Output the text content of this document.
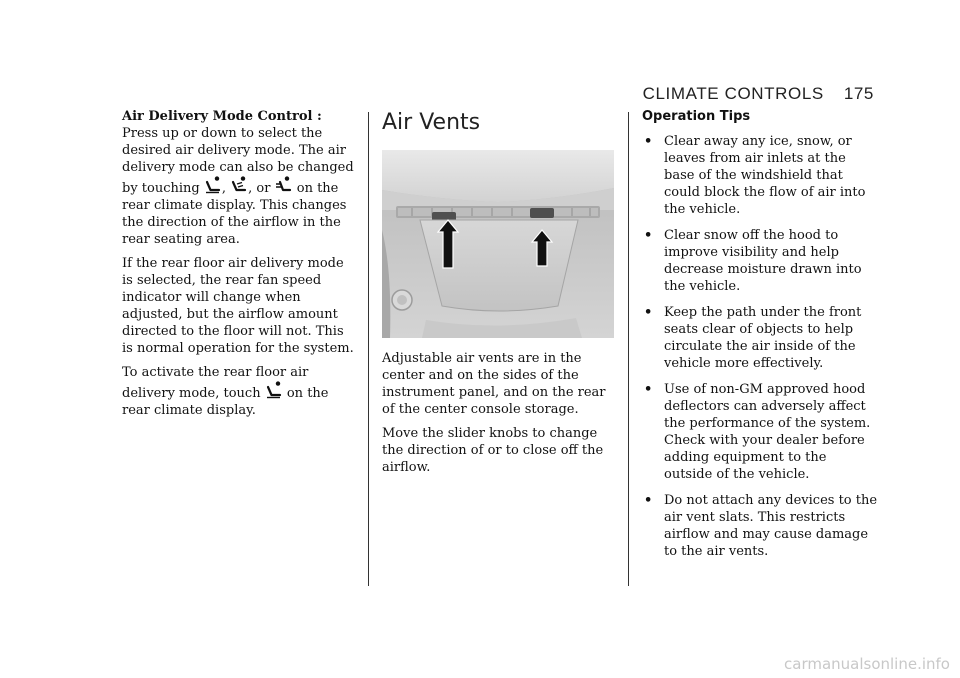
CLIMATE CONTROLS 175

Air Delivery Mode Control : Press up or down to select the desired air delivery mode. The air delivery mode can also be changed by touching , , or on the rear climate display. This changes the direction of the airflow in the rear seating area.

If the rear floor air delivery mode is selected, the rear fan speed indicator will change when adjusted, but the airflow amount directed to the floor will not. This is normal operation for the system.

To activate the rear floor air delivery mode, touch on the rear climate display.

Air Vents

Adjustable air vents are in the center and on the sides of the instrument panel, and on the rear of the center console storage.

Move the slider knobs to change the direction of or to close off the airflow.

Operation Tips
• Clear away any ice, snow, or leaves from air inlets at the base of the windshield that could block the flow of air into the vehicle.
• Clear snow off the hood to improve visibility and help decrease moisture drawn into the vehicle.
• Keep the path under the front seats clear of objects to help circulate the air inside of the vehicle more effectively.
• Use of non-GM approved hood deflectors can adversely affect the performance of the system. Check with your dealer before adding equipment to the outside of the vehicle.
• Do not attach any devices to the air vent slats. This restricts airflow and may cause damage to the air vents.
carmanualsonline.info
